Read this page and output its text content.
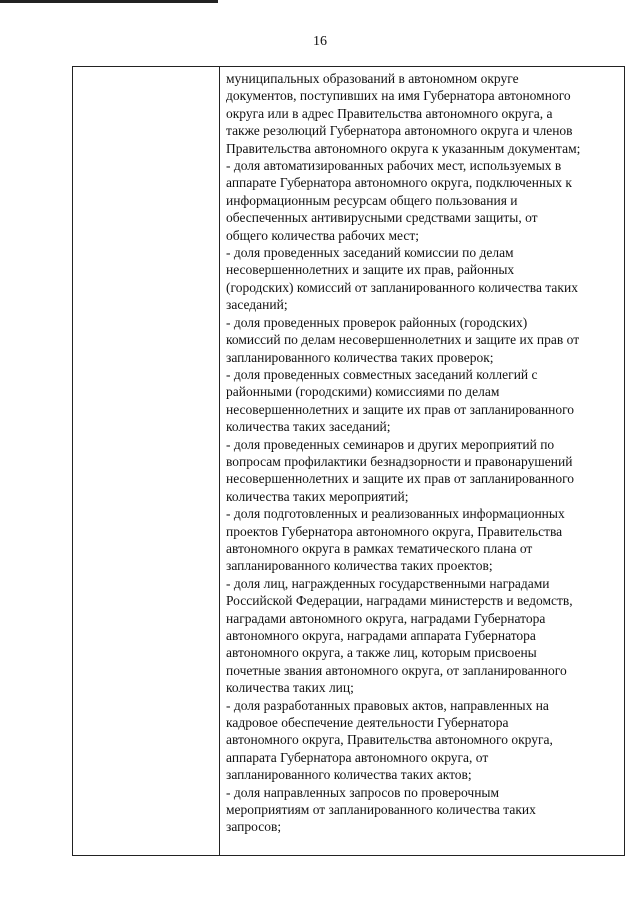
16
муниципальных образований в автономном округе
документов, поступивших на имя Губернатора автономного
округа или в адрес Правительства автономного округа, а
также резолюций Губернатора автономного округа и членов
Правительства автономного округа к указанным документам;
- доля автоматизированных рабочих мест, используемых в
аппарате Губернатора автономного округа, подключенных к
информационным ресурсам общего пользования и
обеспеченных антивирусными средствами защиты, от
общего количества рабочих мест;
- доля проведенных заседаний комиссии по делам
несовершеннолетних и защите их прав, районных
(городских) комиссий от запланированного количества таких
заседаний;
- доля проведенных проверок районных (городских)
комиссий по делам несовершеннолетних и защите их прав от
запланированного количества таких проверок;
- доля проведенных совместных заседаний коллегий с
районными (городскими) комиссиями по делам
несовершеннолетних и защите их прав от запланированного
количества таких заседаний;
- доля проведенных семинаров и других мероприятий по
вопросам профилактики безнадзорности и правонарушений
несовершеннолетних и защите их прав от запланированного
количества таких мероприятий;
- доля подготовленных и реализованных информационных
проектов Губернатора автономного округа, Правительства
автономного округа в рамках тематического плана от
запланированного количества таких проектов;
- доля лиц, награжденных государственными наградами
Российской Федерации, наградами министерств и ведомств,
наградами автономного округа, наградами Губернатора
автономного округа, наградами аппарата Губернатора
автономного округа, а также лиц, которым присвоены
почетные звания автономного округа, от запланированного
количества таких лиц;
- доля разработанных правовых актов, направленных на
кадровое обеспечение деятельности Губернатора
автономного округа, Правительства автономного округа,
аппарата Губернатора автономного округа, от
запланированного количества таких актов;
- доля направленных запросов по проверочным
мероприятиям от запланированного количества таких
запросов;
